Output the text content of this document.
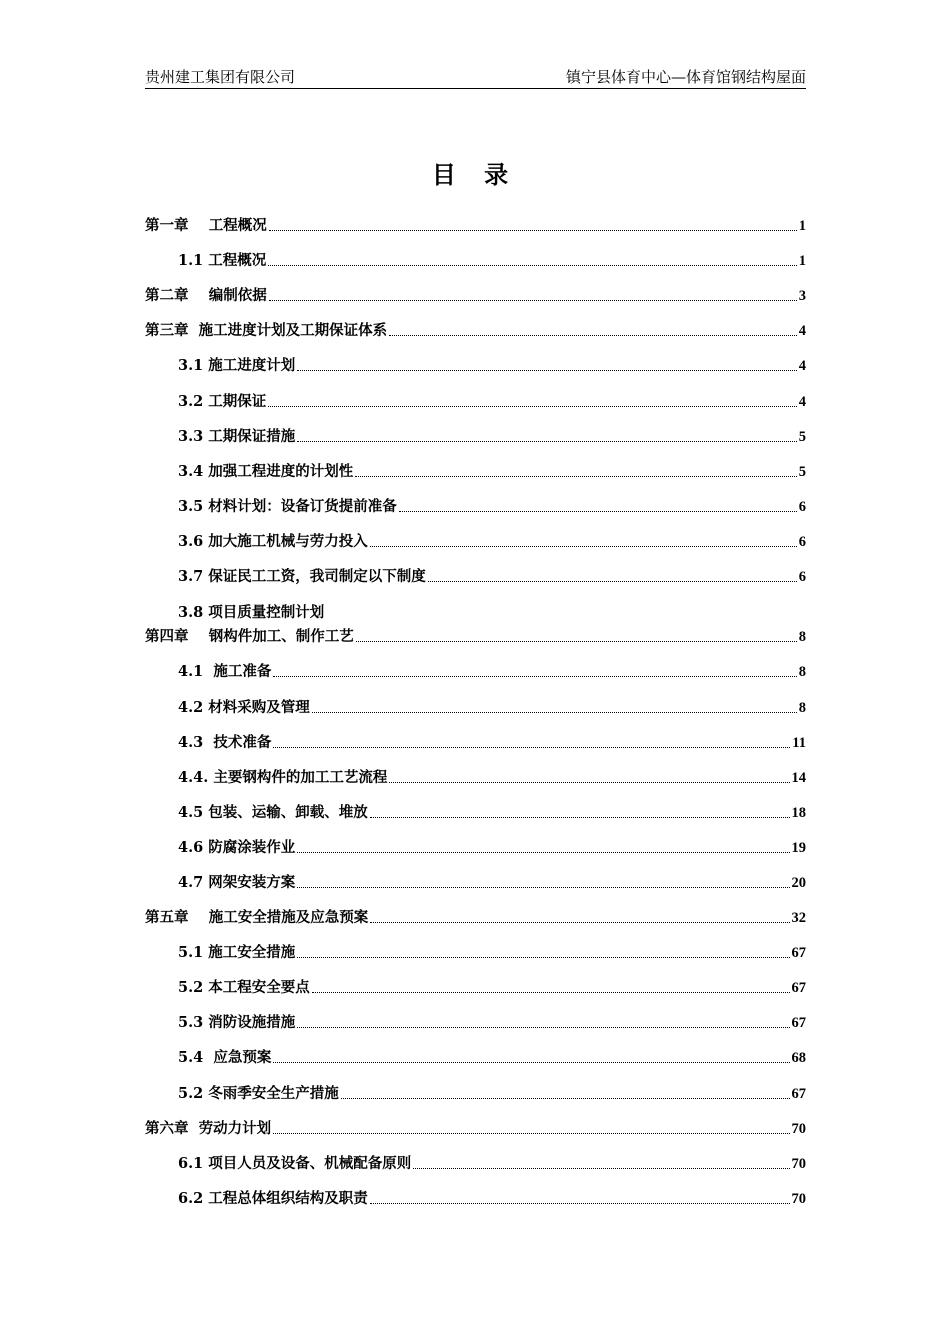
贵州建工集团有限公司	镇宁县体育中心—体育馆钢结构屋面
目 录
第一章    工程概况	1
1.1 工程概况	1
第二章    编制依据	3
第三章  施工进度计划及工期保证体系	4
3.1 施工进度计划	4
3.2 工期保证	4
3.3 工期保证措施	5
3.4 加强工程进度的计划性	5
3.5 材料计划：设备订货提前准备	6
3.6 加大施工机械与劳力投入	6
3.7 保证民工工资，我司制定以下制度	6
3.8 项目质量控制计划
第四章    钢构件加工、制作工艺	8
4.1  施工准备	8
4.2 材料采购及管理	8
4.3  技术准备	11
4.4. 主要钢构件的加工工艺流程	14
4.5 包装、运输、卸载、堆放	18
4.6 防腐涂装作业	19
4.7 网架安装方案	20
第五章    施工安全措施及应急预案	32
5.1 施工安全措施	67
5.2 本工程安全要点	67
5.3 消防设施措施	67
5.4  应急预案	68
5.2 冬雨季安全生产措施	67
第六章  劳动力计划	70
6.1 项目人员及设备、机械配备原则	70
6.2 工程总体组织结构及职责	70
